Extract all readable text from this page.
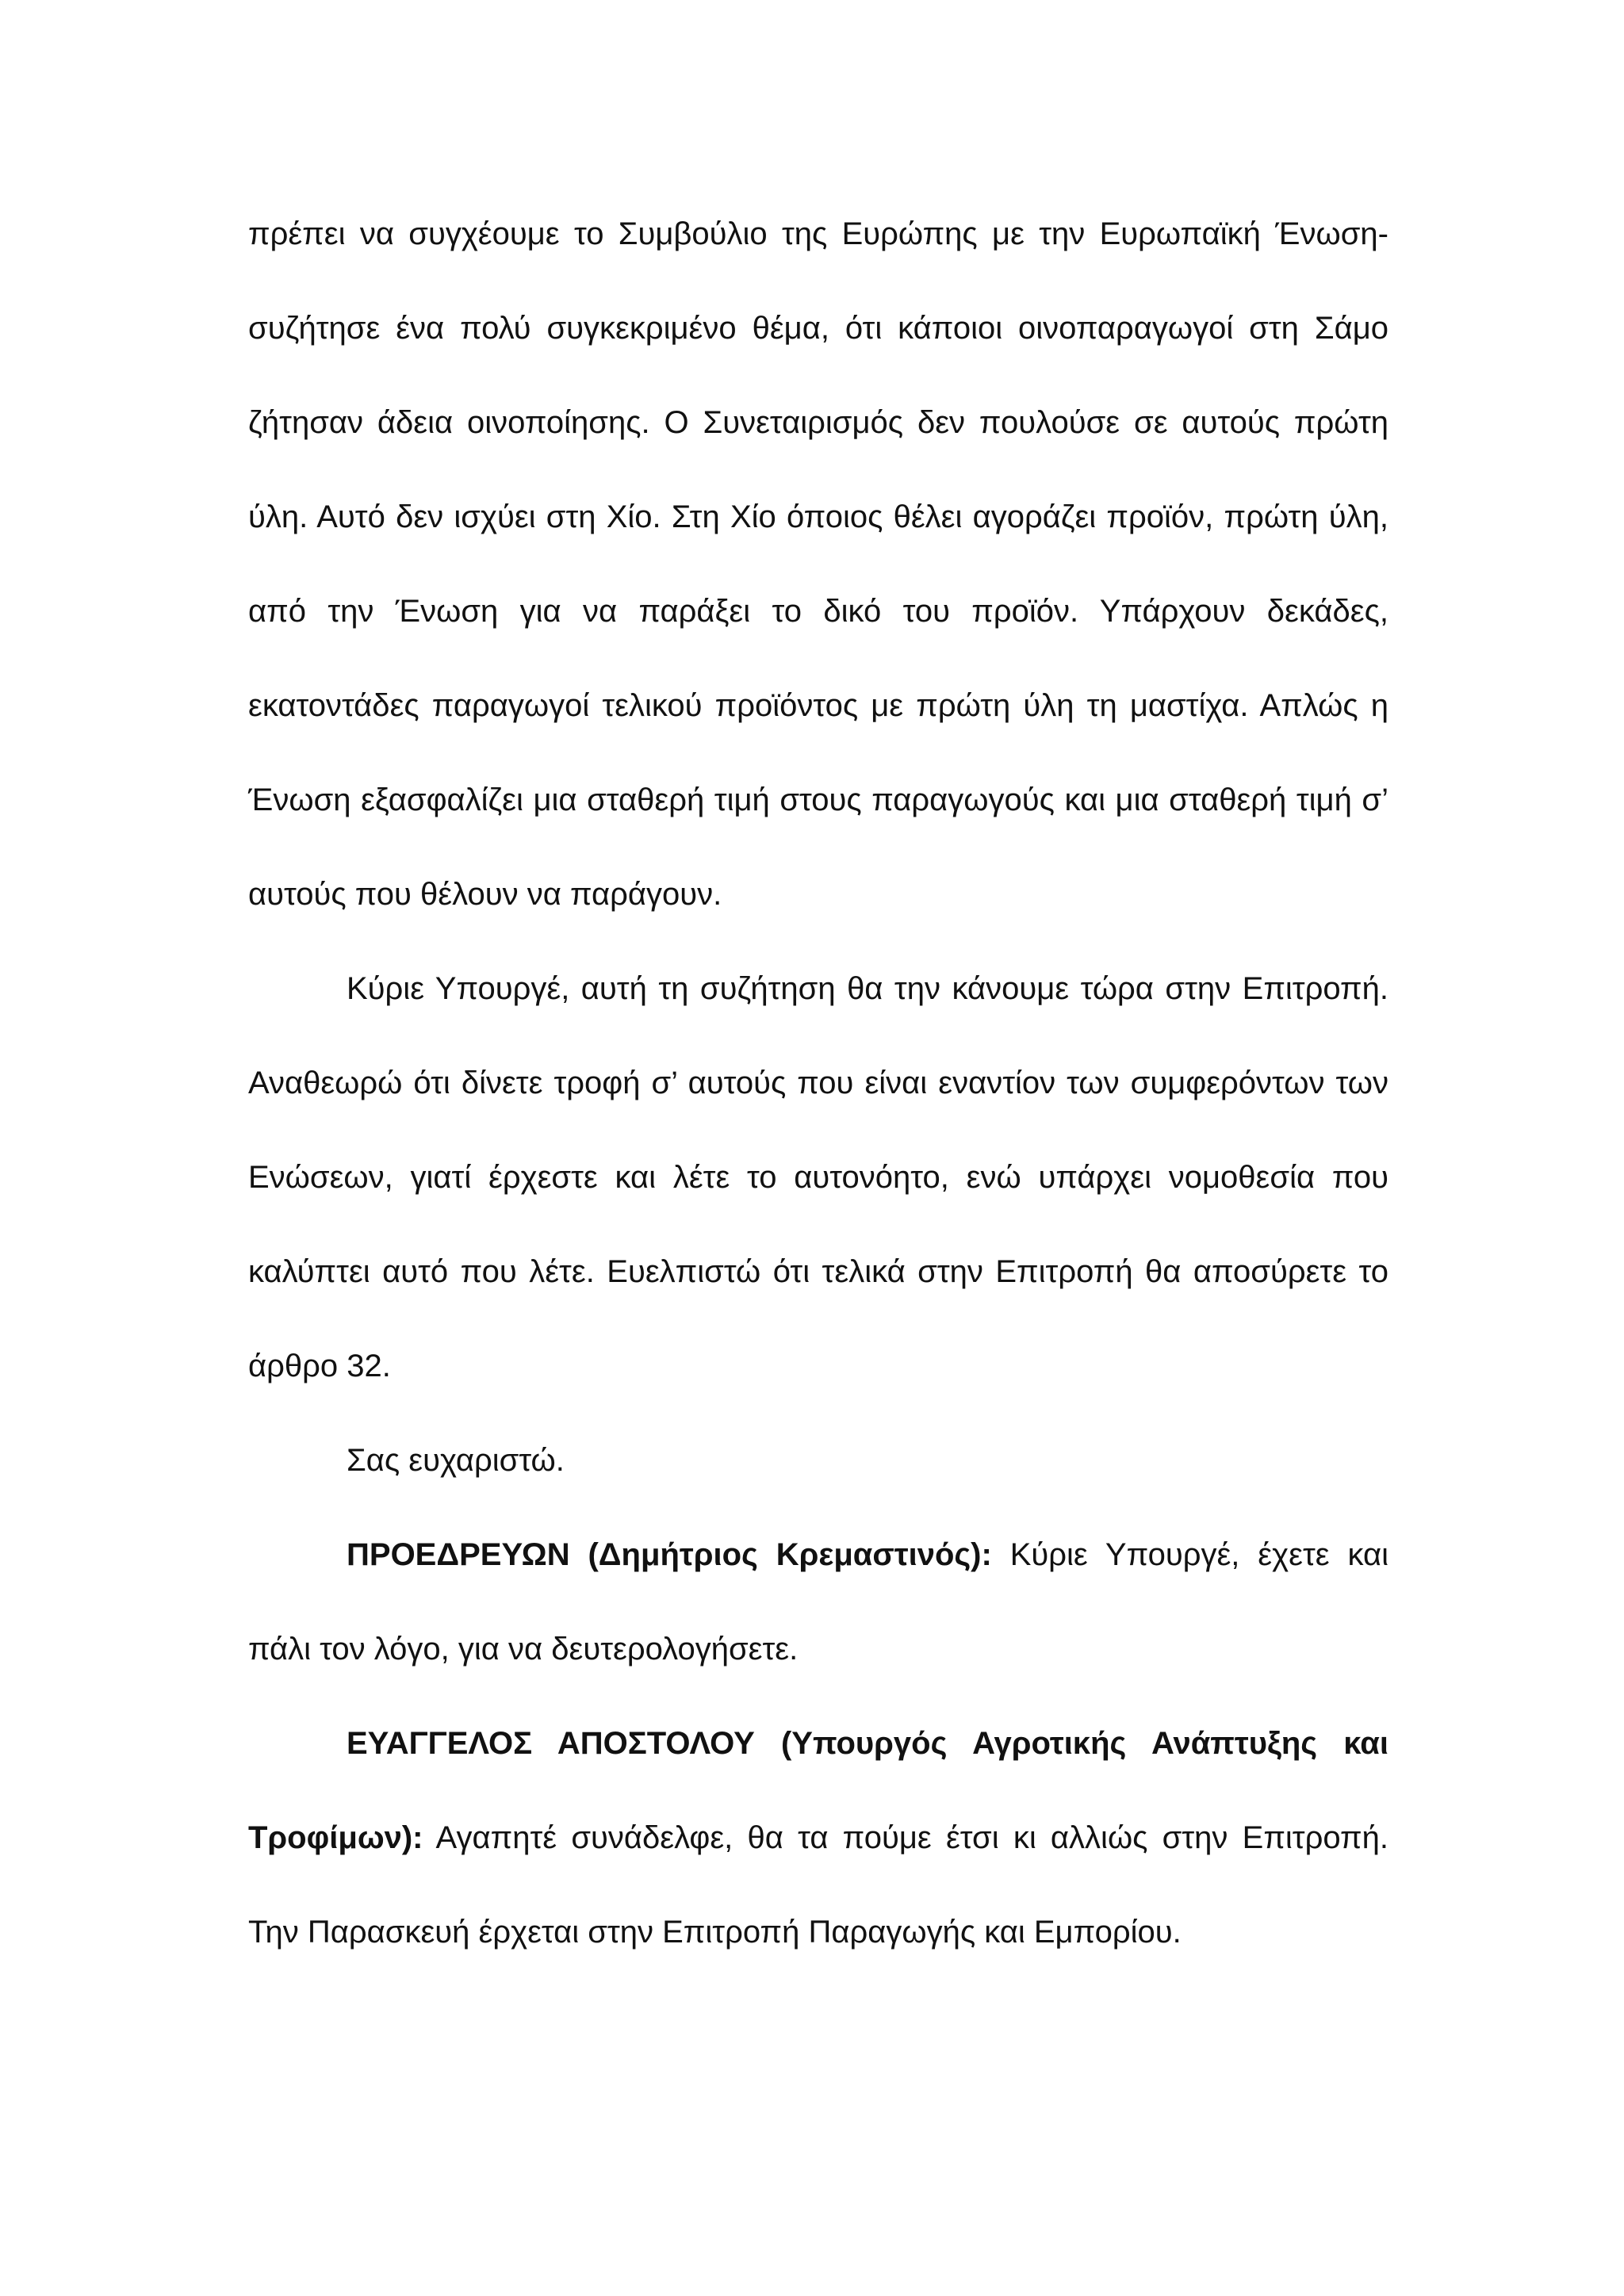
πρέπει να συγχέουμε το Συμβούλιο της Ευρώπης με την Ευρωπαϊκή Ένωση- συζήτησε ένα πολύ συγκεκριμένο θέμα, ότι κάποιοι οινοπαραγωγοί στη Σάμο ζήτησαν άδεια οινοποίησης. Ο Συνεταιρισμός δεν πουλούσε σε αυτούς πρώτη ύλη. Αυτό δεν ισχύει στη Χίο. Στη Χίο όποιος θέλει αγοράζει προϊόν, πρώτη ύλη, από την Ένωση για να παράξει το δικό του προϊόν. Υπάρχουν δεκάδες, εκατοντάδες παραγωγοί τελικού προϊόντος με πρώτη ύλη τη μαστίχα. Απλώς η Ένωση εξασφαλίζει μια σταθερή τιμή στους παραγωγούς και μια σταθερή τιμή σ’ αυτούς που θέλουν να παράγουν.

Κύριε Υπουργέ, αυτή τη συζήτηση θα την κάνουμε τώρα στην Επιτροπή. Αναθεωρώ ότι δίνετε τροφή σ’ αυτούς που είναι εναντίον των συμφερόντων των Ενώσεων, γιατί έρχεστε και λέτε το αυτονόητο, ενώ υπάρχει νομοθεσία που καλύπτει αυτό που λέτε. Ευελπιστώ ότι τελικά στην Επιτροπή θα αποσύρετε το άρθρο 32.

Σας ευχαριστώ.

ΠΡΟΕΔΡΕΥΩΝ (Δημήτριος Κρεμαστινός): Κύριε Υπουργέ, έχετε και πάλι τον λόγο, για να δευτερολογήσετε.

ΕΥΑΓΓΕΛΟΣ ΑΠΟΣΤΟΛΟΥ (Υπουργός Αγροτικής Ανάπτυξης και Τροφίμων): Αγαπητέ συνάδελφε, θα τα πούμε έτσι κι αλλιώς στην Επιτροπή. Την Παρασκευή έρχεται στην Επιτροπή Παραγωγής και Εμπορίου.
